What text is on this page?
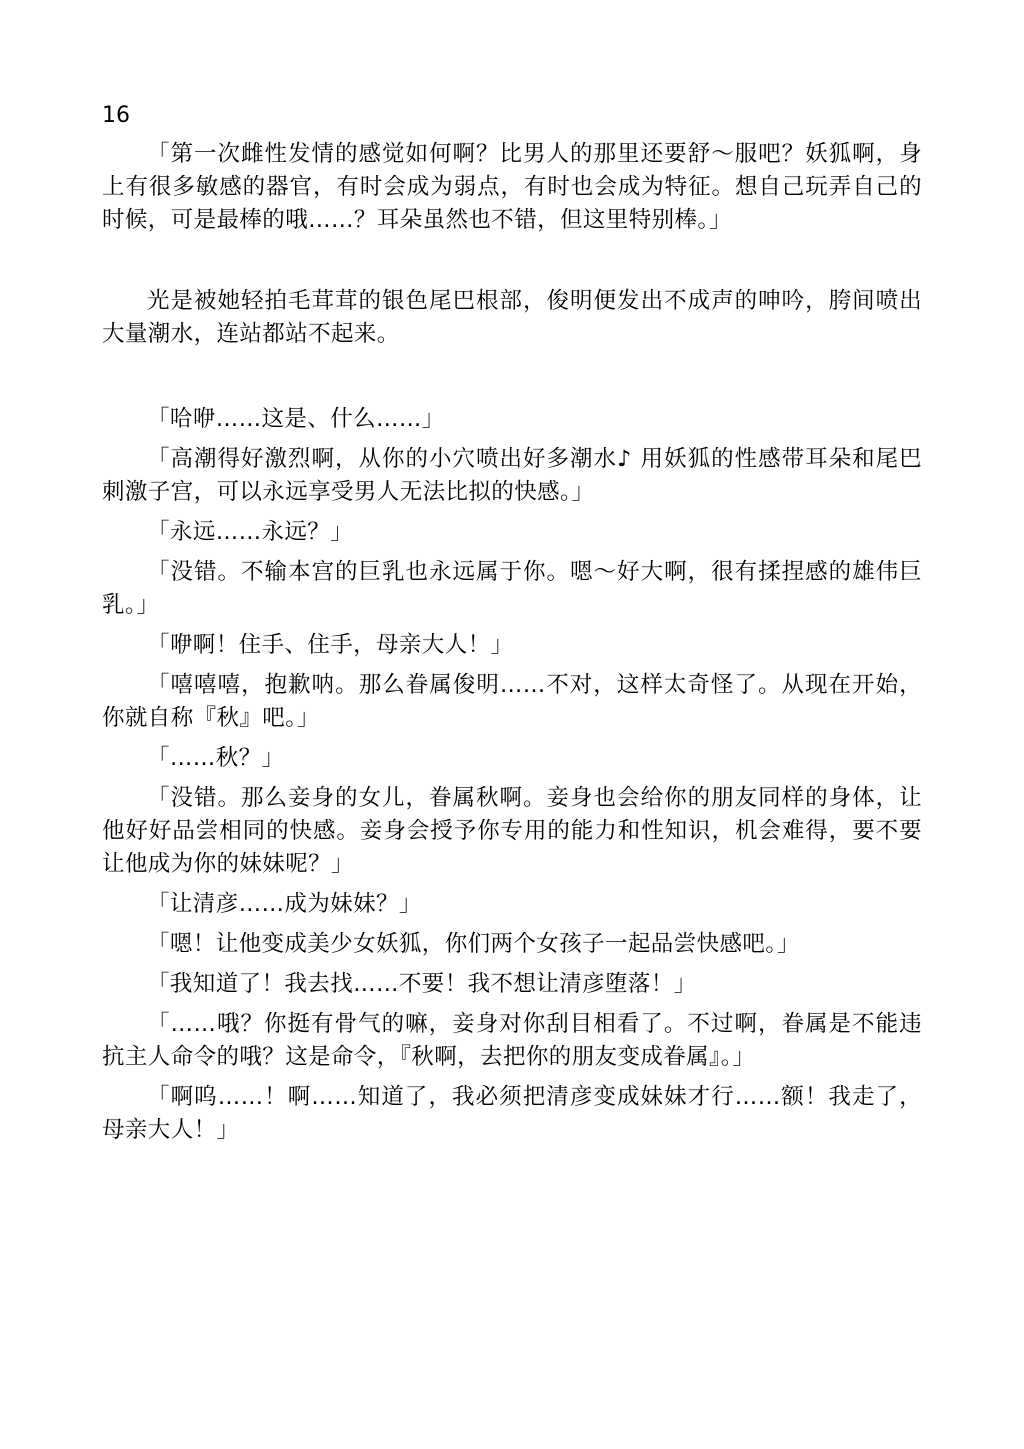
16

「第一次雌性发情的感觉如何啊？比男人的那里还要舒～服吧？妖狐啊，身上有很多敏感的器官，有时会成为弱点，有时也会成为特征。想自己玩弄自己的时候，可是最棒的哦……？耳朵虽然也不错，但这里特别棒。」

光是被她轻拍毛茸茸的银色尾巴根部，俊明便发出不成声的呻吟，胯间喷出大量潮水，连站都站不起来。

「哈咿……这是、什么……」

「高潮得好激烈啊，从你的小穴喷出好多潮水♪ 用妖狐的性感带耳朵和尾巴刺激子宫，可以永远享受男人无法比拟的快感。」

「永远……永远？」

「没错。不输本宫的巨乳也永远属于你。嗯～好大啊，很有揉捏感的雄伟巨乳。」

「咿啊！住手、住手，母亲大人！」

「嘻嘻嘻，抱歉呐。那么眷属俊明……不对，这样太奇怪了。从现在开始，你就自称『秋』吧。」

「……秋？」

「没错。那么妾身的女儿，眷属秋啊。妾身也会给你的朋友同样的身体，让他好好品尝相同的快感。妾身会授予你专用的能力和性知识，机会难得，要不要让他成为你的妹妹呢？」

「让清彦……成为妹妹？」

「嗯！让他变成美少女妖狐，你们两个女孩子一起品尝快感吧。」

「我知道了！我去找……不要！我不想让清彦堕落！」

「……哦？你挺有骨气的嘛，妾身对你刮目相看了。不过啊，眷属是不能违抗主人命令的哦？这是命令，『秋啊，去把你的朋友变成眷属』。」

「啊呜……！啊……知道了，我必须把清彦变成妹妹才行……额！我走了，母亲大人！」
